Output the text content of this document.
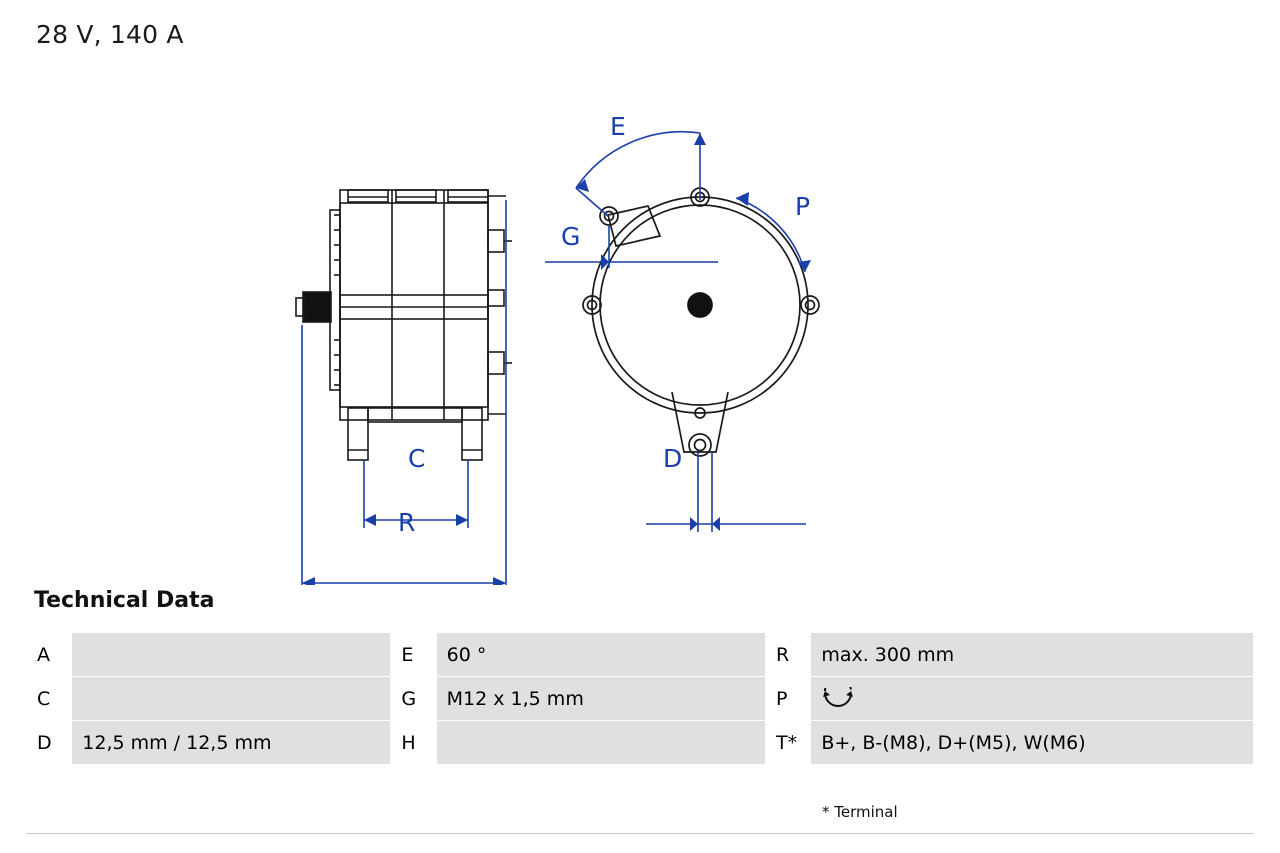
28 V, 140 A
E
G
P
C
R
D
Technical Data
A		E	60 °	R	max. 300 mm
C		G	M12 x 1,5 mm	P	
D	12,5 mm / 12,5 mm	H		T*	B+, B-(M8), D+(M5), W(M6)
* Terminal
